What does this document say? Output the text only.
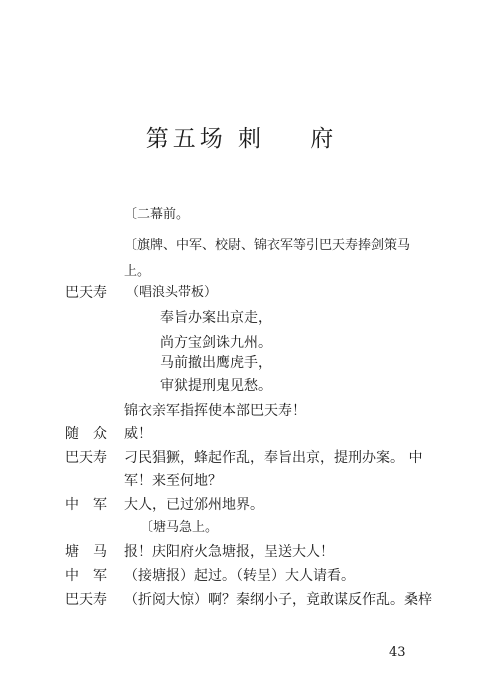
第五场 刺    府
〔二幕前。
〔旗牌、中军、校尉、锦衣军等引巴天寿捧剑策马
上。
巴天寿 （唱浪头带板）
奉旨办案出京走，
尚方宝剑诛九州。
马前撤出鹰虎手，
审狱提刑鬼见愁。
锦衣亲军指挥使本部巴天寿！
随　众 威！
巴天寿 刁民猖獗，蜂起作乱，奉旨出京，提刑办案。 中
军！来至何地？
中　军 大人，已过邠州地界。
〔塘马急上。
塘　马 报！庆阳府火急塘报，呈送大人！
中　军 （接塘报）起过。（转呈）大人请看。
巴天寿 （折阅大惊）啊？秦纲小子，竟敢谋反作乱。桑梓
43
